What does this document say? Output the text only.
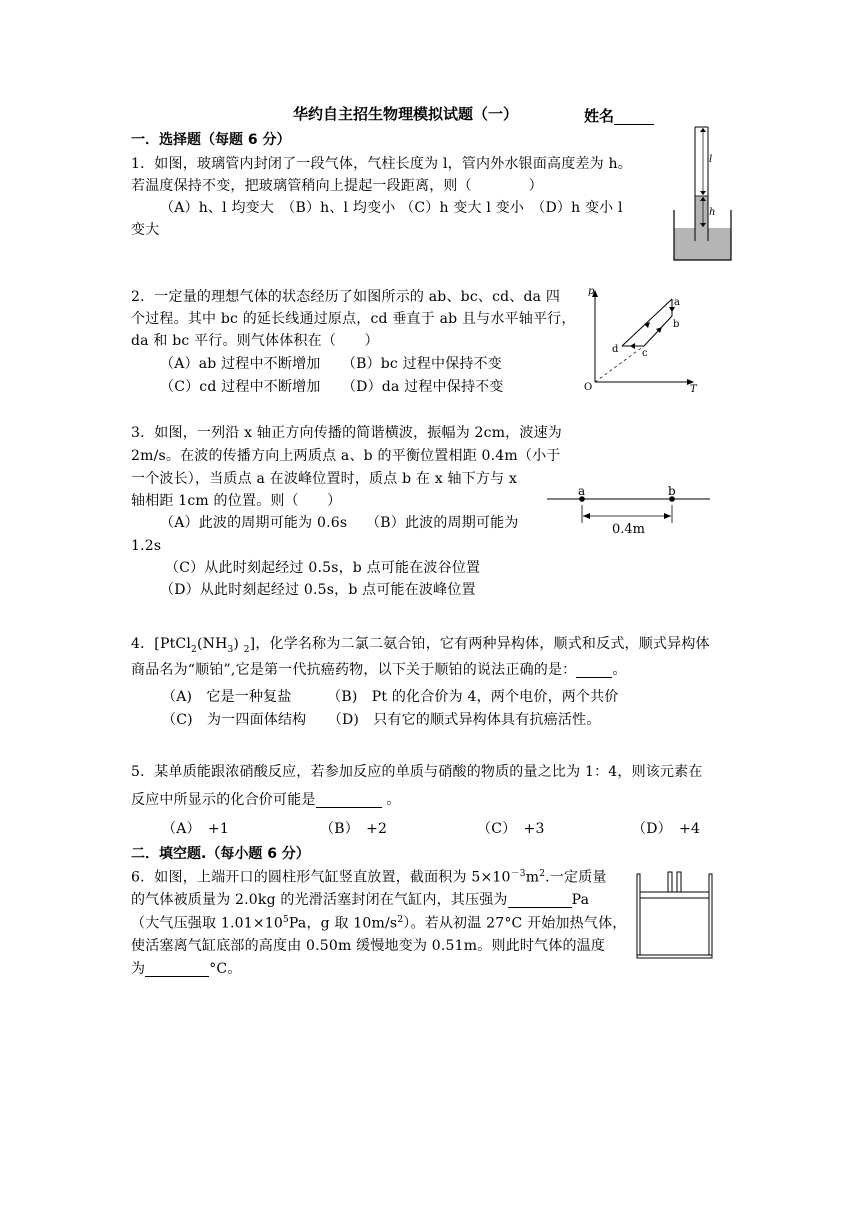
华约自主招生物理模拟试题（一）	姓名
一．选择题（每题 6 分）
1．如图，玻璃管内封闭了一段气体，气柱长度为 l，管内外水银面高度差为 h。
若温度保持不变，把玻璃管稍向上提起一段距离，则（　　　　）
（A）h、l 均变大　（B）h、l 均变小 （C）h 变大 l 变小　（D）h 变小 l
变大
l
h
2．一定量的理想气体的状态经历了如图所示的 ab、bc、cd、da 四
个过程。其中 bc 的延长线通过原点，cd 垂直于 ab 且与水平轴平行，
da 和 bc 平行。则气体体积在（　　）
（A）ab 过程中不断增加　　（B）bc 过程中保持不变
（C）cd 过程中不断增加　　（D）da 过程中保持不变
p
T
O
a
b
c
d
3．如图，一列沿 x 轴正方向传播的简谐横波，振幅为 2cm，波速为
2m/s。在波的传播方向上两质点 a、b 的平衡位置相距 0.4m（小于
一个波长），当质点 a 在波峰位置时，质点 b 在 x 轴下方与 x
轴相距 1cm 的位置。则（　　）
（A）此波的周期可能为 0.6s　 （B）此波的周期可能为
1.2s
（C）从此时刻起经过 0.5s，b 点可能在波谷位置
（D）从此时刻起经过 0.5s，b 点可能在波峰位置
a	b
0.4m
4．[$PtCl_2(NH_3)$ $_2$]，化学名称为二氯二氨合铂，它有两种异构体，顺式和反式，顺式异构体
商品名为“顺铂”,它是第一代抗癌药物，以下关于顺铂的说法正确的是：	。
（A)　它是一种复盐　　　（B)　Pt 的化合价为 4，两个电价，两个共价
（C)　为一四面体结构　　（D)　只有它的顺式异构体具有抗癌活性。
5．某单质能跟浓硝酸反应，若参加反应的单质与硝酸的物质的量之比为 1：4，则该元素在
反应中所显示的化合价可能是	。
（A）　+1	（B）　+2	（C）　+3	（D）　+4
二．填空题.（每小题 6 分）
6．如图，上端开口的圆柱形气缸竖直放置，截面积为 $5\times 10^{-3}m^2$.一定质量
的气体被质量为 2.0kg 的光滑活塞封闭在气缸内，其压强为	Pa
（大气压强取 $1.01\times 10^5Pa$，g 取 $10m/s^2$）。若从初温 27°C 开始加热气体，
使活塞离气缸底部的高度由 0.50m 缓慢地变为 0.51m。则此时气体的温度
为	°C。
